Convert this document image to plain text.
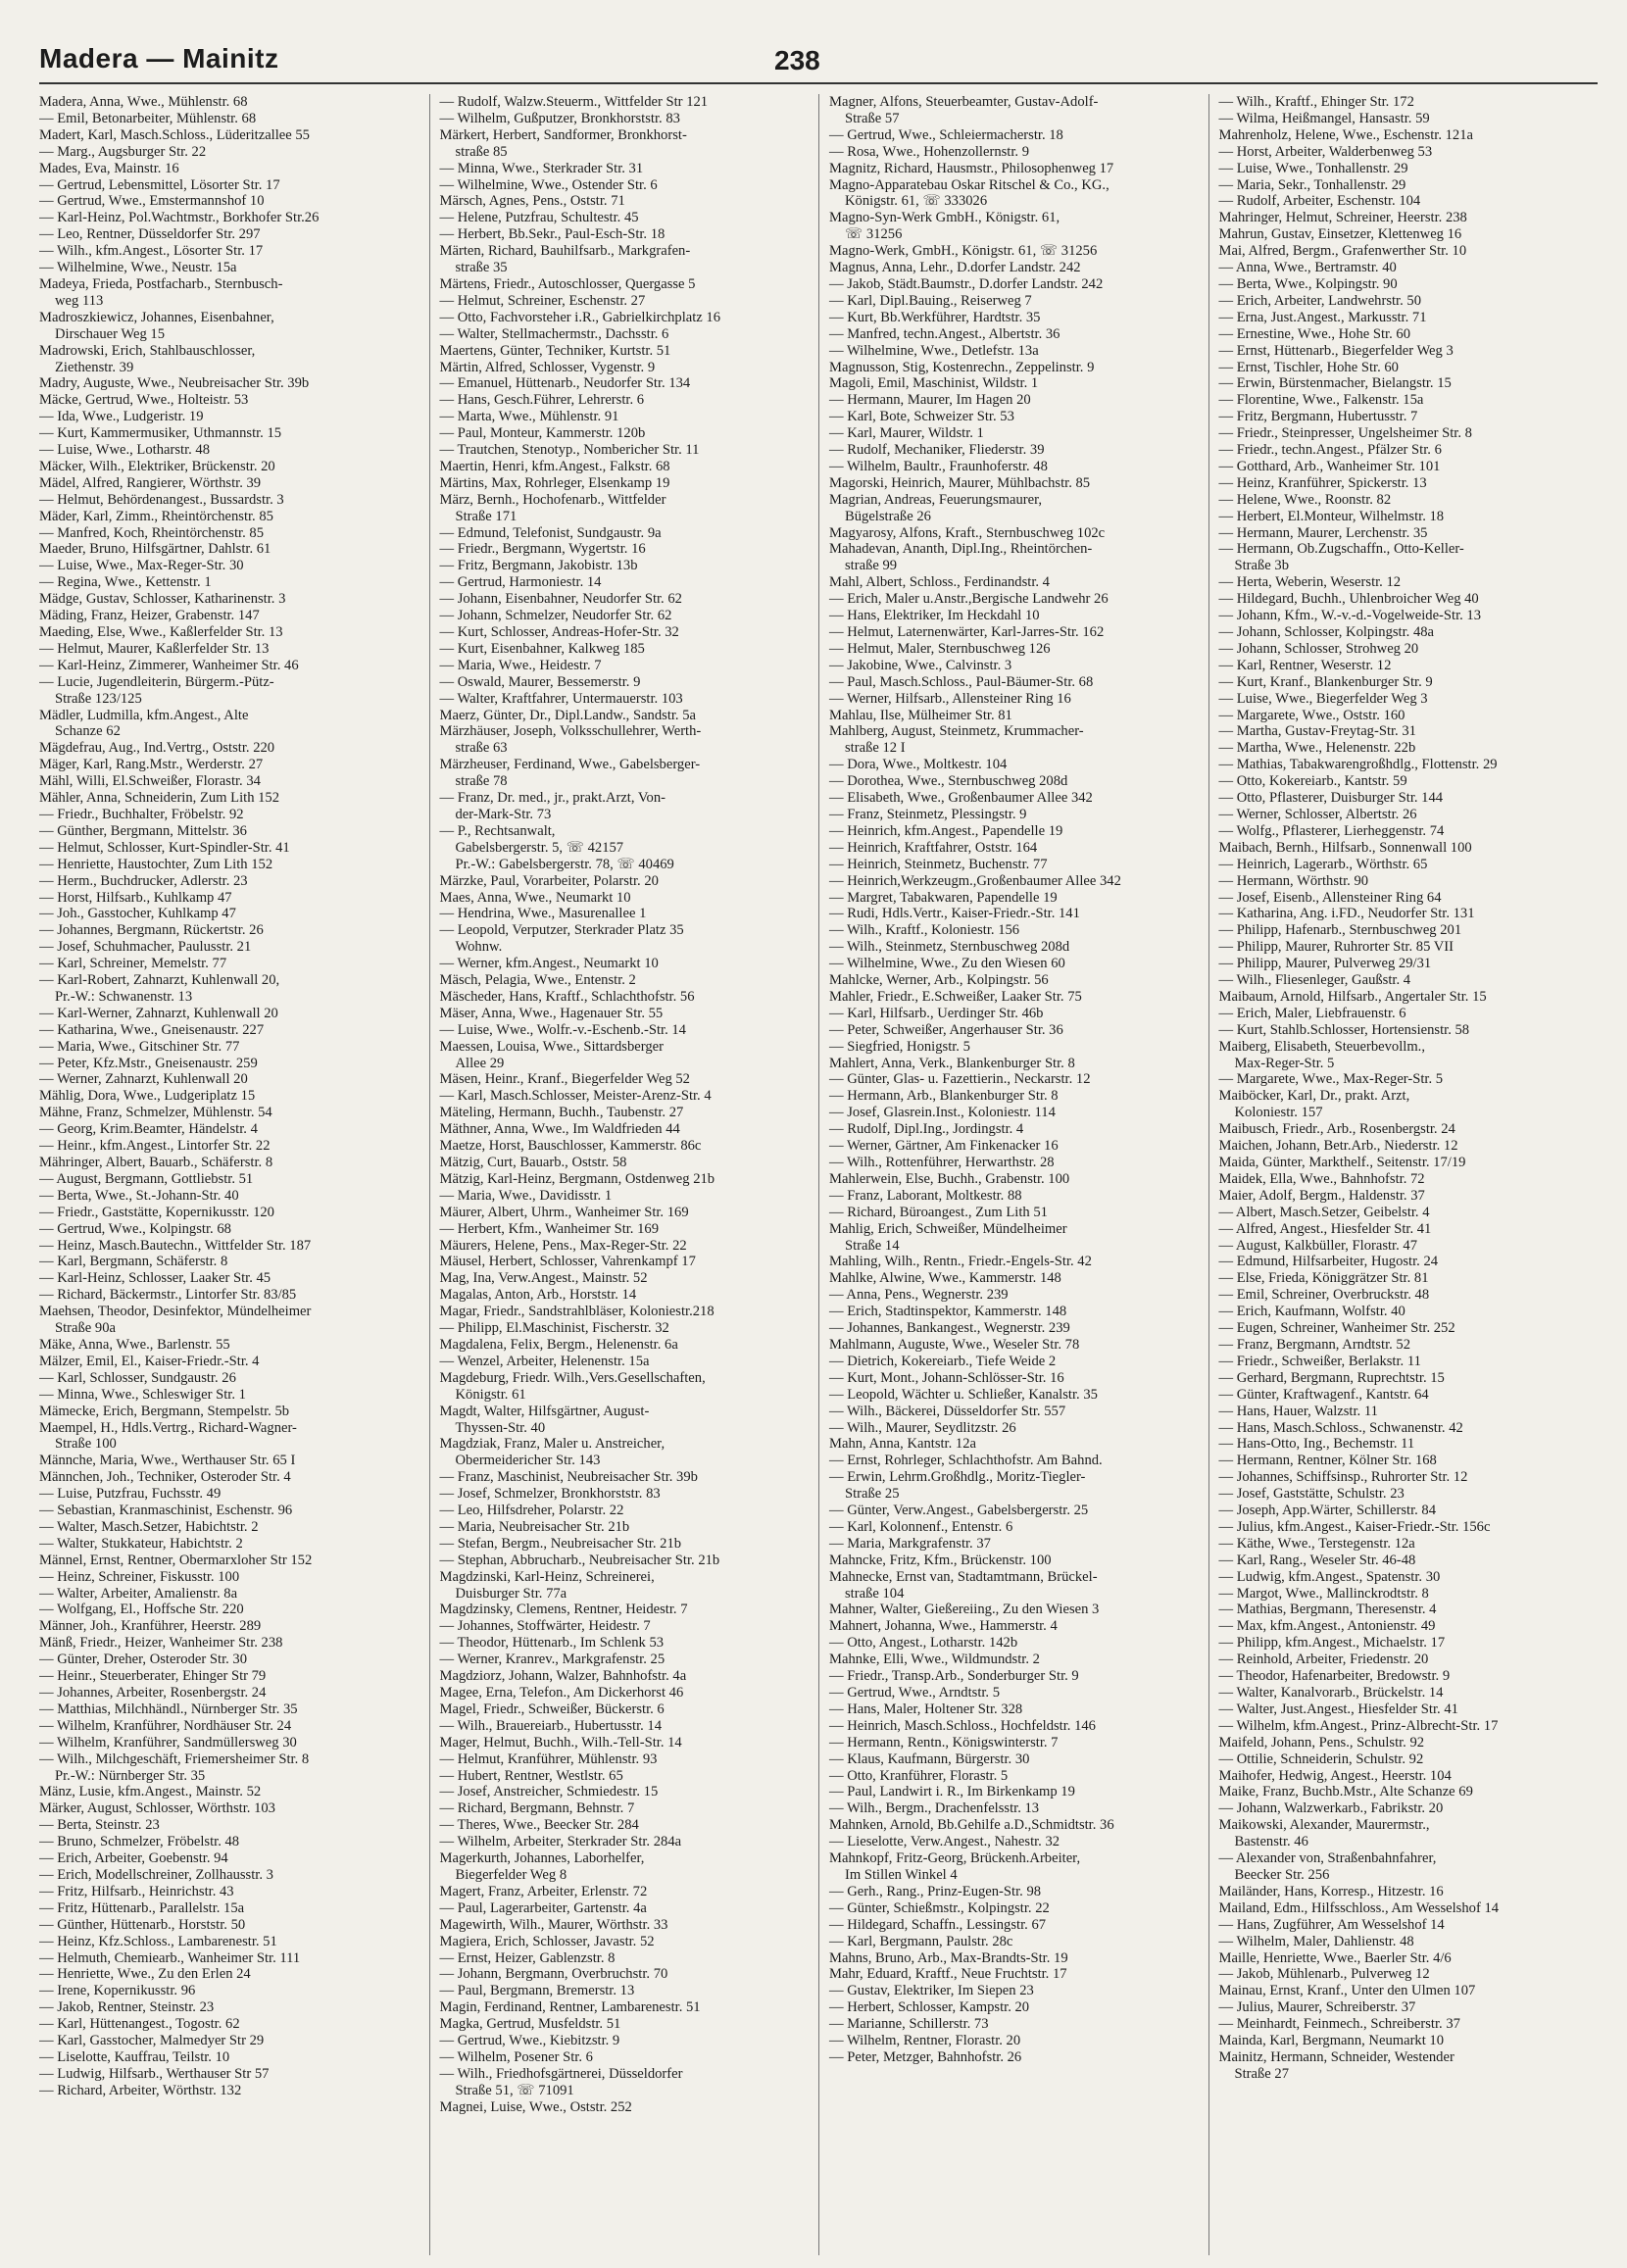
Madera — Mainitz	238
Madera, Anna, Wwe., Mühlenstr. 68
— Emil, Betonarbeiter, Mühlenstr. 68
Madert, Karl, Masch.Schloss., Lüderitzallee 55
— Marg., Augsburger Str. 22
Mades, Eva, Mainstr. 16
— Gertrud, Lebensmittel, Lösorter Str. 17
— Gertrud, Wwe., Emstermannshof 10
— Karl-Heinz, Pol.Wachtmstr., Borkhofer Str.26
— Leo, Rentner, Düsseldorfer Str. 297
— Wilh., kfm.Angest., Lösorter Str. 17
— Wilhelmine, Wwe., Neustr. 15a
Madeya, Frieda, Postfacharb., Sternbusch-
weg 113
Madroszkiewicz, Johannes, Eisenbahner,
Dirschauer Weg 15
Madrowski, Erich, Stahlbauschlosser,
Ziethenstr. 39
Madry, Auguste, Wwe., Neubreisacher Str. 39b
Mäcke, Gertrud, Wwe., Holteistr. 53
— Ida, Wwe., Ludgeristr. 19
— Kurt, Kammermusiker, Uthmannstr. 15
— Luise, Wwe., Lotharstr. 48
Mäcker, Wilh., Elektriker, Brückenstr. 20
Mädel, Alfred, Rangierer, Wörthstr. 39
— Helmut, Behördenangest., Bussardstr. 3
Mäder, Karl, Zimm., Rheintörchenstr. 85
— Manfred, Koch, Rheintörchenstr. 85
Maeder, Bruno, Hilfsgärtner, Dahlstr. 61
— Luise, Wwe., Max-Reger-Str. 30
— Regina, Wwe., Kettenstr. 1
Mädge, Gustav, Schlosser, Katharinenstr. 3
Mäding, Franz, Heizer, Grabenstr. 147
Maeding, Else, Wwe., Kaßlerfelder Str. 13
— Helmut, Maurer, Kaßlerfelder Str. 13
— Karl-Heinz, Zimmerer, Wanheimer Str. 46
— Lucie, Jugendleiterin, Bürgerm.-Pütz-
Straße 123/125
Mädler, Ludmilla, kfm.Angest., Alte
Schanze 62
Mägdefrau, Aug., Ind.Vertrg., Oststr. 220
Mäger, Karl, Rang.Mstr., Werderstr. 27
Mähl, Willi, El.Schweißer, Florastr. 34
Mähler, Anna, Schneiderin, Zum Lith 152
— Friedr., Buchhalter, Fröbelstr. 92
— Günther, Bergmann, Mittelstr. 36
— Helmut, Schlosser, Kurt-Spindler-Str. 41
— Henriette, Haustochter, Zum Lith 152
— Herm., Buchdrucker, Adlerstr. 23
— Horst, Hilfsarb., Kuhlkamp 47
— Joh., Gasstocher, Kuhlkamp 47
— Johannes, Bergmann, Rückertstr. 26
— Josef, Schuhmacher, Paulusstr. 21
— Karl, Schreiner, Memelstr. 77
— Karl-Robert, Zahnarzt, Kuhlenwall 20,
Pr.-W.: Schwanenstr. 13
— Karl-Werner, Zahnarzt, Kuhlenwall 20
— Katharina, Wwe., Gneisenaustr. 227
— Maria, Wwe., Gitschiner Str. 77
— Peter, Kfz.Mstr., Gneisenaustr. 259
— Werner, Zahnarzt, Kuhlenwall 20
Mählig, Dora, Wwe., Ludgeriplatz 15
Mähne, Franz, Schmelzer, Mühlenstr. 54
— Georg, Krim.Beamter, Händelstr. 4
— Heinr., kfm.Angest., Lintorfer Str. 22
Mähringer, Albert, Bauarb., Schäferstr. 8
— August, Bergmann, Gottliebstr. 51
— Berta, Wwe., St.-Johann-Str. 40
— Friedr., Gaststätte, Kopernikusstr. 120
— Gertrud, Wwe., Kolpingstr. 68
— Heinz, Masch.Bautechn., Wittfelder Str. 187
— Karl, Bergmann, Schäferstr. 8
— Karl-Heinz, Schlosser, Laaker Str. 45
— Richard, Bäckermstr., Lintorfer Str. 83/85
Maehsen, Theodor, Desinfektor, Mündelheimer
Straße 90a
Mäke, Anna, Wwe., Barlenstr. 55
Mälzer, Emil, El., Kaiser-Friedr.-Str. 4
— Karl, Schlosser, Sundgaustr. 26
— Minna, Wwe., Schleswiger Str. 1
Mämecke, Erich, Bergmann, Stempelstr. 5b
Maempel, H., Hdls.Vertrg., Richard-Wagner-
Straße 100
Männche, Maria, Wwe., Werthauser Str. 65 I
Männchen, Joh., Techniker, Osteroder Str. 4
— Luise, Putzfrau, Fuchsstr. 49
— Sebastian, Kranmaschinist, Eschenstr. 96
— Walter, Masch.Setzer, Habichtstr. 2
— Walter, Stukkateur, Habichtstr. 2
Männel, Ernst, Rentner, Obermarxloher Str 152
— Heinz, Schreiner, Fiskusstr. 100
— Walter, Arbeiter, Amalienstr. 8a
— Wolfgang, El., Hoffsche Str. 220
Männer, Joh., Kranführer, Heerstr. 289
Mänß, Friedr., Heizer, Wanheimer Str. 238
— Günter, Dreher, Osteroder Str. 30
— Heinr., Steuerberater, Ehinger Str 79
— Johannes, Arbeiter, Rosenbergstr. 24
— Matthias, Milchhändl., Nürnberger Str. 35
— Wilhelm, Kranführer, Nordhäuser Str. 24
— Wilhelm, Kranführer, Sandmüllersweg 30
— Wilh., Milchgeschäft, Friemersheimer Str. 8
Pr.-W.: Nürnberger Str. 35
Mänz, Lusie, kfm.Angest., Mainstr. 52
Märker, August, Schlosser, Wörthstr. 103
— Berta, Steinstr. 23
— Bruno, Schmelzer, Fröbelstr. 48
— Erich, Arbeiter, Goebenstr. 94
— Erich, Modellschreiner, Zollhausstr. 3
— Fritz, Hilfsarb., Heinrichstr. 43
— Fritz, Hüttenarb., Parallelstr. 15a
— Günther, Hüttenarb., Horststr. 50
— Heinz, Kfz.Schloss., Lambarenestr. 51
— Helmuth, Chemiearb., Wanheimer Str. 111
— Henriette, Wwe., Zu den Erlen 24
— Irene, Kopernikusstr. 96
— Jakob, Rentner, Steinstr. 23
— Karl, Hüttenangest., Togostr. 62
— Karl, Gasstocher, Malmedyer Str 29
— Liselotte, Kauffrau, Teilstr. 10
— Ludwig, Hilfsarb., Werthauser Str 57
— Richard, Arbeiter, Wörthstr. 132
— Rudolf, Walzw.Steuerm., Wittfelder Str 121
— Wilhelm, Gußputzer, Bronkhorststr. 83
Märkert, Herbert, Sandformer, Bronkhorst-
straße 85
— Minna, Wwe., Sterkrader Str. 31
— Wilhelmine, Wwe., Ostender Str. 6
Märsch, Agnes, Pens., Oststr. 71
— Helene, Putzfrau, Schultestr. 45
— Herbert, Bb.Sekr., Paul-Esch-Str. 18
Märten, Richard, Bauhilfsarb., Markgrafen-
straße 35
Märtens, Friedr., Autoschlosser, Quergasse 5
— Helmut, Schreiner, Eschenstr. 27
— Otto, Fachvorsteher i.R., Gabrielkirchplatz 16
— Walter, Stellmachermstr., Dachsstr. 6
Maertens, Günter, Techniker, Kurtstr. 51
Märtin, Alfred, Schlosser, Vygenstr. 9
— Emanuel, Hüttenarb., Neudorfer Str. 134
— Hans, Gesch.Führer, Lehrerstr. 6
— Marta, Wwe., Mühlenstr. 91
— Paul, Monteur, Kammerstr. 120b
— Trautchen, Stenotyp., Nombericher Str. 11
Maertin, Henri, kfm.Angest., Falkstr. 68
Märtins, Max, Rohrleger, Elsenkamp 19
März, Bernh., Hochofenarb., Wittfelder
Straße 171
— Edmund, Telefonist, Sundgaustr. 9a
— Friedr., Bergmann, Wygertstr. 16
— Fritz, Bergmann, Jakobistr. 13b
— Gertrud, Harmoniestr. 14
— Johann, Eisenbahner, Neudorfer Str. 62
— Johann, Schmelzer, Neudorfer Str. 62
— Kurt, Schlosser, Andreas-Hofer-Str. 32
— Kurt, Eisenbahner, Kalkweg 185
— Maria, Wwe., Heidestr. 7
— Oswald, Maurer, Bessemerstr. 9
— Walter, Kraftfahrer, Untermauerstr. 103
Maerz, Günter, Dr., Dipl.Landw., Sandstr. 5a
Märzhäuser, Joseph, Volksschullehrer, Werth-
straße 63
Märzheuser, Ferdinand, Wwe., Gabelsberger-
straße 78
— Franz, Dr. med., jr., prakt.Arzt, Von-
der-Mark-Str. 73
— P., Rechtsanwalt,
Gabelsbergerstr. 5, ☏ 42157
Pr.-W.: Gabelsbergerstr. 78, ☏ 40469
Märzke, Paul, Vorarbeiter, Polarstr. 20
Maes, Anna, Wwe., Neumarkt 10
— Hendrina, Wwe., Masurenallee 1
— Leopold, Verputzer, Sterkrader Platz 35
Wohnw.
— Werner, kfm.Angest., Neumarkt 10
Mäsch, Pelagia, Wwe., Entenstr. 2
Mäscheder, Hans, Kraftf., Schlachthofstr. 56
Mäser, Anna, Wwe., Hagenauer Str. 55
— Luise, Wwe., Wolfr.-v.-Eschenb.-Str. 14
Maessen, Louisa, Wwe., Sittardsberger
Allee 29
Mäsen, Heinr., Kranf., Biegerfelder Weg 52
— Karl, Masch.Schlosser, Meister-Arenz-Str. 4
Mäteling, Hermann, Buchh., Taubenstr. 27
Mäthner, Anna, Wwe., Im Waldfrieden 44
Maetze, Horst, Bauschlosser, Kammerstr. 86c
Mätzig, Curt, Bauarb., Oststr. 58
Mätzig, Karl-Heinz, Bergmann, Ostdenweg 21b
— Maria, Wwe., Davidisstr. 1
Mäurer, Albert, Uhrm., Wanheimer Str. 169
— Herbert, Kfm., Wanheimer Str. 169
Mäurers, Helene, Pens., Max-Reger-Str. 22
Mäusel, Herbert, Schlosser, Vahrenkampf 17
Mag, Ina, Verw.Angest., Mainstr. 52
Magalas, Anton, Arb., Horststr. 14
Magar, Friedr., Sandstrahlbläser, Koloniestr.218
— Philipp, El.Maschinist, Fischerstr. 32
Magdalena, Felix, Bergm., Helenenstr. 6a
— Wenzel, Arbeiter, Helenenstr. 15a
Magdeburg, Friedr. Wilh.,Vers.Gesellschaften,
Königstr. 61
Magdt, Walter, Hilfsgärtner, August-
Thyssen-Str. 40
Magdziak, Franz, Maler u. Anstreicher,
Obermeidericher Str. 143
— Franz, Maschinist, Neubreisacher Str. 39b
— Josef, Schmelzer, Bronkhorststr. 83
— Leo, Hilfsdreher, Polarstr. 22
— Maria, Neubreisacher Str. 21b
— Stefan, Bergm., Neubreisacher Str. 21b
— Stephan, Abbrucharb., Neubreisacher Str. 21b
Magdzinski, Karl-Heinz, Schreinerei,
Duisburger Str. 77a
Magdzinsky, Clemens, Rentner, Heidestr. 7
— Johannes, Stoffwärter, Heidestr. 7
— Theodor, Hüttenarb., Im Schlenk 53
— Werner, Kranrev., Markgrafenstr. 25
Magdziorz, Johann, Walzer, Bahnhofstr. 4a
Magee, Erna, Telefon., Am Dickerhorst 46
Magel, Friedr., Schweißer, Bückerstr. 6
— Wilh., Brauereiarb., Hubertusstr. 14
Mager, Helmut, Buchh., Wilh.-Tell-Str. 14
— Helmut, Kranführer, Mühlenstr. 93
— Hubert, Rentner, Westlstr. 65
— Josef, Anstreicher, Schmiedestr. 15
— Richard, Bergmann, Behnstr. 7
— Theres, Wwe., Beecker Str. 284
— Wilhelm, Arbeiter, Sterkrader Str. 284a
Magerkurth, Johannes, Laborhelfer,
Biegerfelder Weg 8
Magert, Franz, Arbeiter, Erlenstr. 72
— Paul, Lagerarbeiter, Gartenstr. 4a
Magewirth, Wilh., Maurer, Wörthstr. 33
Magiera, Erich, Schlosser, Javastr. 52
— Ernst, Heizer, Gablenzstr. 8
— Johann, Bergmann, Overbruchstr. 70
— Paul, Bergmann, Bremerstr. 13
Magin, Ferdinand, Rentner, Lambarenestr. 51
Magka, Gertrud, Musfeldstr. 51
— Gertrud, Wwe., Kiebitzstr. 9
— Wilhelm, Posener Str. 6
— Wilh., Friedhofsgärtnerei, Düsseldorfer
Straße 51, ☏ 71091
Magnei, Luise, Wwe., Oststr. 252
Magner, Alfons, Steuerbeamter, Gustav-Adolf-
Straße 57
— Gertrud, Wwe., Schleiermacherstr. 18
— Rosa, Wwe., Hohenzollernstr. 9
Magnitz, Richard, Hausmstr., Philosophenweg 17
Magno-Apparatebau Oskar Ritschel & Co., KG.,
Königstr. 61, ☏ 333026
Magno-Syn-Werk GmbH., Königstr. 61,
☏ 31256
Magno-Werk, GmbH., Königstr. 61, ☏ 31256
Magnus, Anna, Lehr., D.dorfer Landstr. 242
— Jakob, Städt.Baumstr., D.dorfer Landstr. 242
— Karl, Dipl.Bauing., Reiserweg 7
— Kurt, Bb.Werkführer, Hardtstr. 35
— Manfred, techn.Angest., Albertstr. 36
— Wilhelmine, Wwe., Detlefstr. 13a
Magnusson, Stig, Kostenrechn., Zeppelinstr. 9
Magoli, Emil, Maschinist, Wildstr. 1
— Hermann, Maurer, Im Hagen 20
— Karl, Bote, Schweizer Str. 53
— Karl, Maurer, Wildstr. 1
— Rudolf, Mechaniker, Fliederstr. 39
— Wilhelm, Baultr., Fraunhoferstr. 48
Magorski, Heinrich, Maurer, Mühlbachstr. 85
Magrian, Andreas, Feuerungsmaurer,
Bügelstraße 26
Magyarosy, Alfons, Kraft., Sternbuschweg 102c
Mahadevan, Ananth, Dipl.Ing., Rheintörchen-
straße 99
Mahl, Albert, Schloss., Ferdinandstr. 4
— Erich, Maler u.Anstr.,Bergische Landwehr 26
— Hans, Elektriker, Im Heckdahl 10
— Helmut, Laternenwärter, Karl-Jarres-Str. 162
— Helmut, Maler, Sternbuschweg 126
— Jakobine, Wwe., Calvinstr. 3
— Paul, Masch.Schloss., Paul-Bäumer-Str. 68
— Werner, Hilfsarb., Allensteiner Ring 16
Mahlau, Ilse, Mülheimer Str. 81
Mahlberg, August, Steinmetz, Krummacher-
straße 12 I
— Dora, Wwe., Moltkestr. 104
— Dorothea, Wwe., Sternbuschweg 208d
— Elisabeth, Wwe., Großenbaumer Allee 342
— Franz, Steinmetz, Plessingstr. 9
— Heinrich, kfm.Angest., Papendelle 19
— Heinrich, Kraftfahrer, Oststr. 164
— Heinrich, Steinmetz, Buchenstr. 77
— Heinrich,Werkzeugm.,Großenbaumer Allee 342
— Margret, Tabakwaren, Papendelle 19
— Rudi, Hdls.Vertr., Kaiser-Friedr.-Str. 141
— Wilh., Kraftf., Koloniestr. 156
— Wilh., Steinmetz, Sternbuschweg 208d
— Wilhelmine, Wwe., Zu den Wiesen 60
Mahlcke, Werner, Arb., Kolpingstr. 56
Mahler, Friedr., E.Schweißer, Laaker Str. 75
— Karl, Hilfsarb., Uerdinger Str. 46b
— Peter, Schweißer, Angerhauser Str. 36
— Siegfried, Honigstr. 5
Mahlert, Anna, Verk., Blankenburger Str. 8
— Günter, Glas- u. Fazettierin., Neckarstr. 12
— Hermann, Arb., Blankenburger Str. 8
— Josef, Glasrein.Inst., Koloniestr. 114
— Rudolf, Dipl.Ing., Jordingstr. 4
— Werner, Gärtner, Am Finkenacker 16
— Wilh., Rottenführer, Herwarthstr. 28
Mahlerwein, Else, Buchh., Grabenstr. 100
— Franz, Laborant, Moltkestr. 88
— Richard, Büroangest., Zum Lith 51
Mahlig, Erich, Schweißer, Mündelheimer
Straße 14
Mahling, Wilh., Rentn., Friedr.-Engels-Str. 42
Mahlke, Alwine, Wwe., Kammerstr. 148
— Anna, Pens., Wegnerstr. 239
— Erich, Stadtinspektor, Kammerstr. 148
— Johannes, Bankangest., Wegnerstr. 239
Mahlmann, Auguste, Wwe., Weseler Str. 78
— Dietrich, Kokereiarb., Tiefe Weide 2
— Kurt, Mont., Johann-Schlösser-Str. 16
— Leopold, Wächter u. Schließer, Kanalstr. 35
— Wilh., Bäckerei, Düsseldorfer Str. 557
— Wilh., Maurer, Seydlitzstr. 26
Mahn, Anna, Kantstr. 12a
— Ernst, Rohrleger, Schlachthofstr. Am Bahnd.
— Erwin, Lehrm.Großhdlg., Moritz-Tiegler-
Straße 25
— Günter, Verw.Angest., Gabelsbergerstr. 25
— Karl, Kolonnenf., Entenstr. 6
— Maria, Markgrafenstr. 37
Mahncke, Fritz, Kfm., Brückenstr. 100
Mahnecke, Ernst van, Stadtamtmann, Brückel-
straße 104
Mahner, Walter, Gießereiing., Zu den Wiesen 3
Mahnert, Johanna, Wwe., Hammerstr. 4
— Otto, Angest., Lotharstr. 142b
Mahnke, Elli, Wwe., Wildmundstr. 2
— Friedr., Transp.Arb., Sonderburger Str. 9
— Gertrud, Wwe., Arndtstr. 5
— Hans, Maler, Holtener Str. 328
— Heinrich, Masch.Schloss., Hochfeldstr. 146
— Hermann, Rentn., Königswinterstr. 7
— Klaus, Kaufmann, Bürgerstr. 30
— Otto, Kranführer, Florastr. 5
— Paul, Landwirt i. R., Im Birkenkamp 19
— Wilh., Bergm., Drachenfelsstr. 13
Mahnken, Arnold, Bb.Gehilfe a.D.,Schmidtstr. 36
— Lieselotte, Verw.Angest., Nahestr. 32
Mahnkopf, Fritz-Georg, Brückenh.Arbeiter,
Im Stillen Winkel 4
— Gerh., Rang., Prinz-Eugen-Str. 98
— Günter, Schießmstr., Kolpingstr. 22
— Hildegard, Schaffn., Lessingstr. 67
— Karl, Bergmann, Paulstr. 28c
Mahns, Bruno, Arb., Max-Brandts-Str. 19
Mahr, Eduard, Kraftf., Neue Fruchtstr. 17
— Gustav, Elektriker, Im Siepen 23
— Herbert, Schlosser, Kampstr. 20
— Marianne, Schillerstr. 73
— Wilhelm, Rentner, Florastr. 20
— Peter, Metzger, Bahnhofstr. 26
— Wilh., Kraftf., Ehinger Str. 172
— Wilma, Heißmangel, Hansastr. 59
Mahrenholz, Helene, Wwe., Eschenstr. 121a
— Horst, Arbeiter, Walderbenweg 53
— Luise, Wwe., Tonhallenstr. 29
— Maria, Sekr., Tonhallenstr. 29
— Rudolf, Arbeiter, Eschenstr. 104
Mahringer, Helmut, Schreiner, Heerstr. 238
Mahrun, Gustav, Einsetzer, Klettenweg 16
Mai, Alfred, Bergm., Grafenwerther Str. 10
— Anna, Wwe., Bertramstr. 40
— Berta, Wwe., Kolpingstr. 90
— Erich, Arbeiter, Landwehrstr. 50
— Erna, Just.Angest., Markusstr. 71
— Ernestine, Wwe., Hohe Str. 60
— Ernst, Hüttenarb., Biegerfelder Weg 3
— Ernst, Tischler, Hohe Str. 60
— Erwin, Bürstenmacher, Bielangstr. 15
— Florentine, Wwe., Falkenstr. 15a
— Fritz, Bergmann, Hubertusstr. 7
— Friedr., Steinpresser, Ungelsheimer Str. 8
— Friedr., techn.Angest., Pfälzer Str. 6
— Gotthard, Arb., Wanheimer Str. 101
— Heinz, Kranführer, Spickerstr. 13
— Helene, Wwe., Roonstr. 82
— Herbert, El.Monteur, Wilhelmstr. 18
— Hermann, Maurer, Lerchenstr. 35
— Hermann, Ob.Zugschaffn., Otto-Keller-
Straße 3b
— Herta, Weberin, Weserstr. 12
— Hildegard, Buchh., Uhlenbroicher Weg 40
— Johann, Kfm., W.-v.-d.-Vogelweide-Str. 13
— Johann, Schlosser, Kolpingstr. 48a
— Johann, Schlosser, Strohweg 20
— Karl, Rentner, Weserstr. 12
— Kurt, Kranf., Blankenburger Str. 9
— Luise, Wwe., Biegerfelder Weg 3
— Margarete, Wwe., Oststr. 160
— Martha, Gustav-Freytag-Str. 31
— Martha, Wwe., Helenenstr. 22b
— Mathias, Tabakwarengroßhdlg., Flottenstr. 29
— Otto, Kokereiarb., Kantstr. 59
— Otto, Pflasterer, Duisburger Str. 144
— Werner, Schlosser, Albertstr. 26
— Wolfg., Pflasterer, Lierheggenstr. 74
Maibach, Bernh., Hilfsarb., Sonnenwall 100
— Heinrich, Lagerarb., Wörthstr. 65
— Hermann, Wörthstr. 90
— Josef, Eisenb., Allensteiner Ring 64
— Katharina, Ang. i.FD., Neudorfer Str. 131
— Philipp, Hafenarb., Sternbuschweg 201
— Philipp, Maurer, Ruhrorter Str. 85 VII
— Philipp, Maurer, Pulverweg 29/31
— Wilh., Fliesenleger, Gaußstr. 4
Maibaum, Arnold, Hilfsarb., Angertaler Str. 15
— Erich, Maler, Liebfrauenstr. 6
— Kurt, Stahlb.Schlosser, Hortensienstr. 58
Maiberg, Elisabeth, Steuerbevollm.,
Max-Reger-Str. 5
— Margarete, Wwe., Max-Reger-Str. 5
Maiböcker, Karl, Dr., prakt. Arzt,
Koloniestr. 157
Maibusch, Friedr., Arb., Rosenbergstr. 24
Maichen, Johann, Betr.Arb., Niederstr. 12
Maida, Günter, Markthelf., Seitenstr. 17/19
Maidek, Ella, Wwe., Bahnhofstr. 72
Maier, Adolf, Bergm., Haldenstr. 37
— Albert, Masch.Setzer, Geibelstr. 4
— Alfred, Angest., Hiesfelder Str. 41
— August, Kalkbüller, Florastr. 47
— Edmund, Hilfsarbeiter, Hugostr. 24
— Else, Frieda, Königgrätzer Str. 81
— Emil, Schreiner, Overbruckstr. 48
— Erich, Kaufmann, Wolfstr. 40
— Eugen, Schreiner, Wanheimer Str. 252
— Franz, Bergmann, Arndtstr. 52
— Friedr., Schweißer, Berlakstr. 11
— Gerhard, Bergmann, Ruprechtstr. 15
— Günter, Kraftwagenf., Kantstr. 64
— Hans, Hauer, Walzstr. 11
— Hans, Masch.Schloss., Schwanenstr. 42
— Hans-Otto, Ing., Bechemstr. 11
— Hermann, Rentner, Kölner Str. 168
— Johannes, Schiffsinsp., Ruhrorter Str. 12
— Josef, Gaststätte, Schulstr. 23
— Joseph, App.Wärter, Schillerstr. 84
— Julius, kfm.Angest., Kaiser-Friedr.-Str. 156c
— Käthe, Wwe., Terstegenstr. 12a
— Karl, Rang., Weseler Str. 46-48
— Ludwig, kfm.Angest., Spatenstr. 30
— Margot, Wwe., Mallinckrodtstr. 8
— Mathias, Bergmann, Theresenstr. 4
— Max, kfm.Angest., Antonienstr. 49
— Philipp, kfm.Angest., Michaelstr. 17
— Reinhold, Arbeiter, Friedenstr. 20
— Theodor, Hafenarbeiter, Bredowstr. 9
— Walter, Kanalvorarb., Brückelstr. 14
— Walter, Just.Angest., Hiesfelder Str. 41
— Wilhelm, kfm.Angest., Prinz-Albrecht-Str. 17
Maifeld, Johann, Pens., Schulstr. 92
— Ottilie, Schneiderin, Schulstr. 92
Maihofer, Hedwig, Angest., Heerstr. 104
Maike, Franz, Buchb.Mstr., Alte Schanze 69
— Johann, Walzwerkarb., Fabrikstr. 20
Maikowski, Alexander, Maurermstr.,
Bastenstr. 46
— Alexander von, Straßenbahnfahrer,
Beecker Str. 256
Mailänder, Hans, Korresp., Hitzestr. 16
Mailand, Edm., Hilfsschloss., Am Wesselshof 14
— Hans, Zugführer, Am Wesselshof 14
— Wilhelm, Maler, Dahlienstr. 48
Maille, Henriette, Wwe., Baerler Str. 4/6
— Jakob, Mühlenarb., Pulverweg 12
Mainau, Ernst, Kranf., Unter den Ulmen 107
— Julius, Maurer, Schreiberstr. 37
— Meinhardt, Feinmech., Schreiberstr. 37
Mainda, Karl, Bergmann, Neumarkt 10
Mainitz, Hermann, Schneider, Westender
Straße 27
